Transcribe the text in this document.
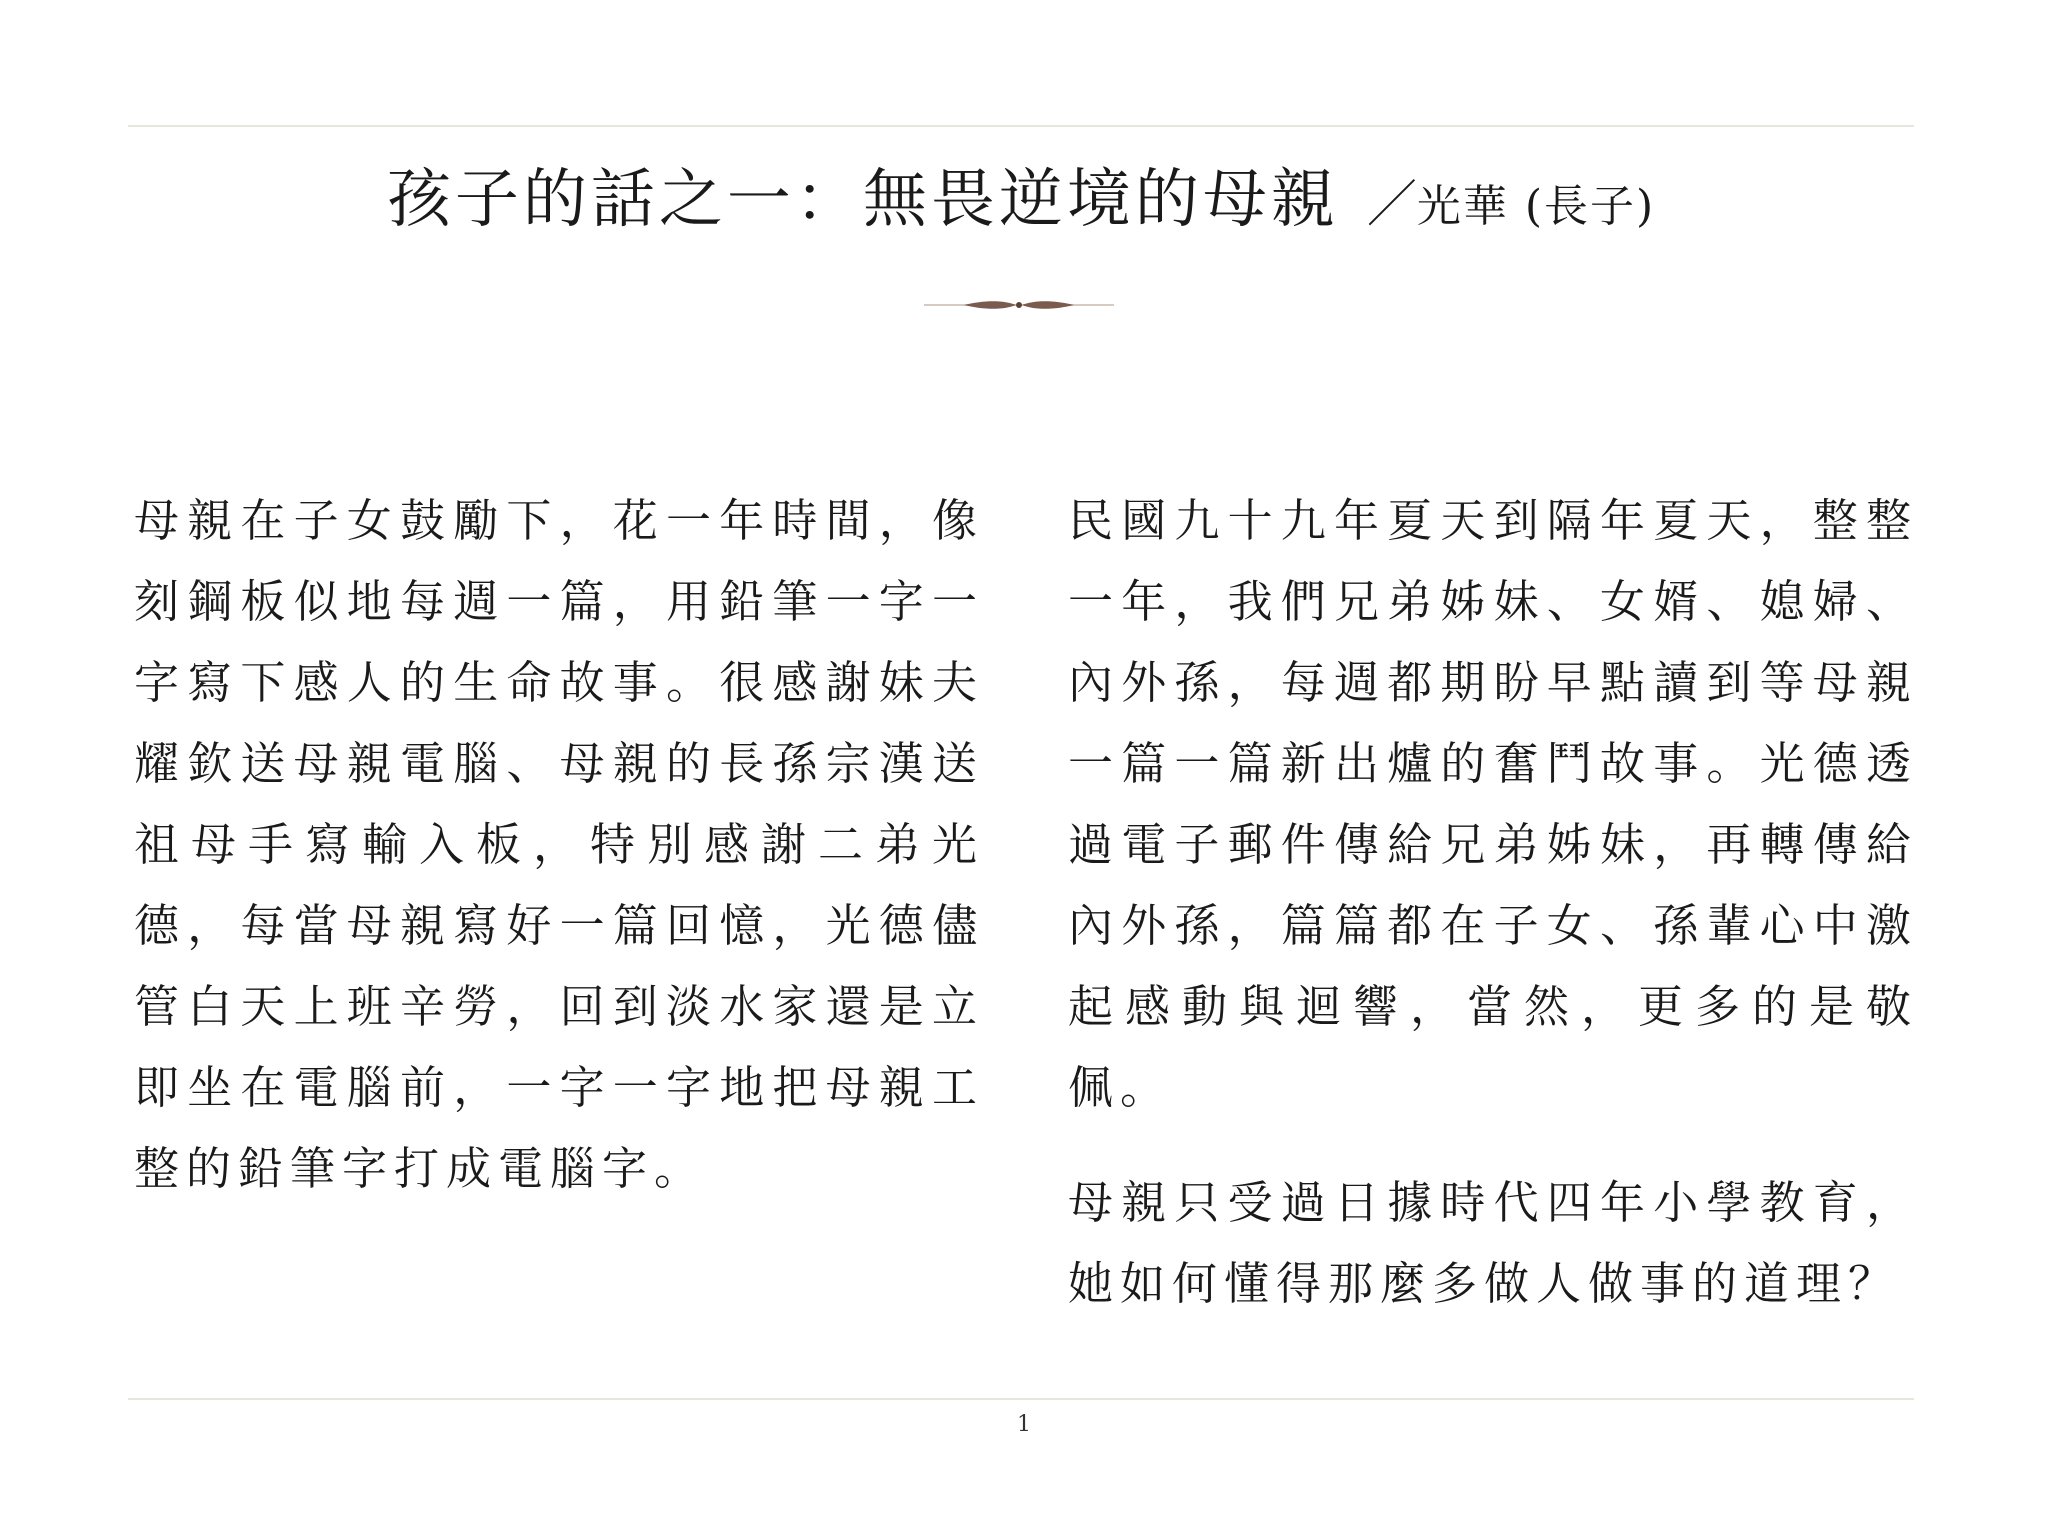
孩子的話之一：無畏逆境的母親 ／光華 (長子)

母親在子女鼓勵下，花一年時間，像刻鋼板似地每週一篇，用鉛筆一字一字寫下感人的生命故事。很感謝妹夫耀欽送母親電腦、母親的長孫宗漢送祖母手寫輸入板，特別感謝二弟光德，每當母親寫好一篇回憶，光德儘管白天上班辛勞，回到淡水家還是立即坐在電腦前，一字一字地把母親工整的鉛筆字打成電腦字。

民國九十九年夏天到隔年夏天，整整一年，我們兄弟姊妹、女婿、媳婦、內外孫，每週都期盼早點讀到等母親一篇一篇新出爐的奮鬥故事。光德透過電子郵件傳給兄弟姊妹，再轉傳給內外孫，篇篇都在子女、孫輩心中激起感動與迴響，當然，更多的是敬佩。

母親只受過日據時代四年小學教育，她如何懂得那麼多做人做事的道理？

1
